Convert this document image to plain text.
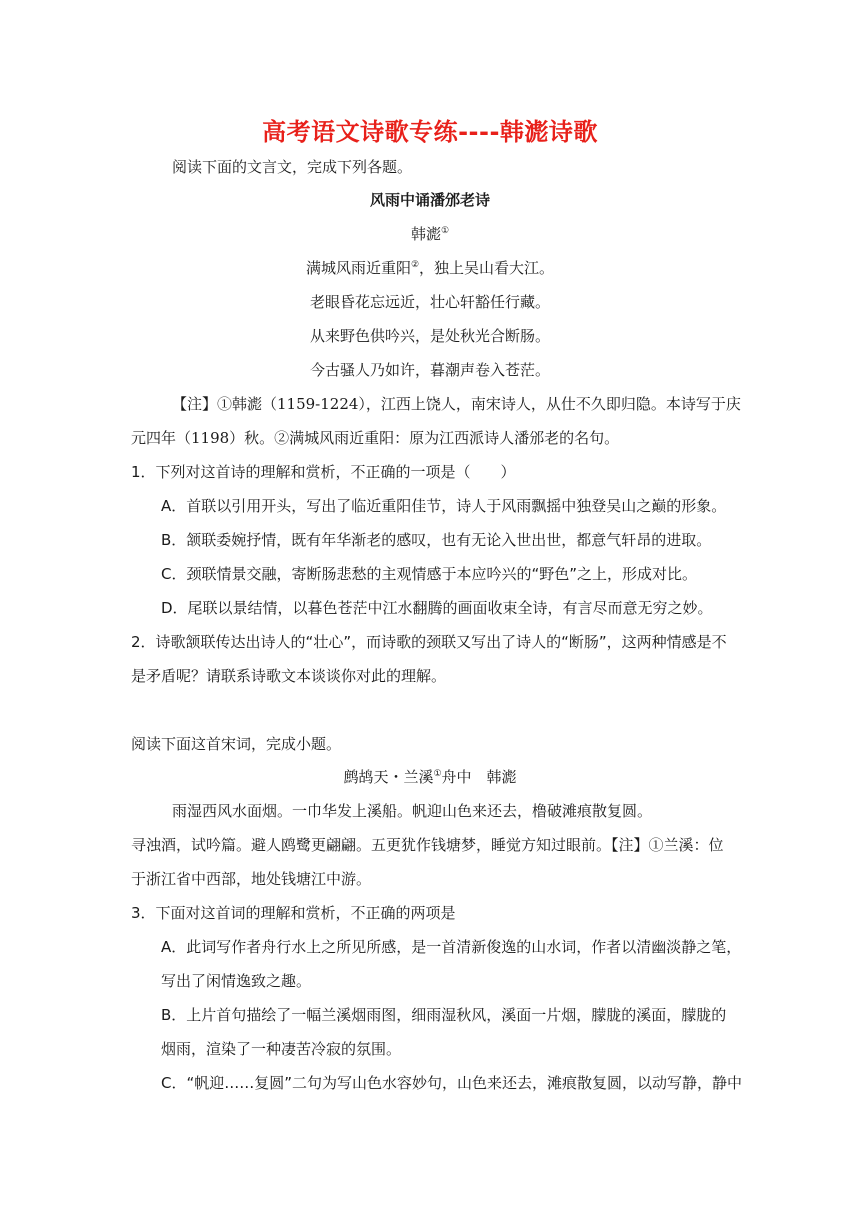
高考语文诗歌专练----韩滮诗歌
阅读下面的文言文，完成下列各题。
风雨中诵潘邠老诗
韩滮①
满城风雨近重阳②，独上吴山看大江。
老眼昏花忘远近，壮心轩豁任行藏。
从来野色供吟兴，是处秋光合断肠。
今古骚人乃如许，暮潮声卷入苍茫。
【注】①韩滮（1159-1224），江西上饶人，南宋诗人，从仕不久即归隐。本诗写于庆
元四年（1198）秋。②满城风雨近重阳：原为江西派诗人潘邠老的名句。
1．下列对这首诗的理解和赏析，不正确的一项是（　　）
A．首联以引用开头，写出了临近重阳佳节，诗人于风雨飘摇中独登吴山之巅的形象。
B．颔联委婉抒情，既有年华渐老的感叹，也有无论入世出世，都意气轩昂的进取。
C．颈联情景交融，寄断肠悲愁的主观情感于本应吟兴的“野色”之上，形成对比。
D．尾联以景结情，以暮色苍茫中江水翻腾的画面收束全诗，有言尽而意无穷之妙。
2．诗歌颔联传达出诗人的“壮心”，而诗歌的颈联又写出了诗人的“断肠”，这两种情感是不
是矛盾呢？请联系诗歌文本谈谈你对此的理解。
阅读下面这首宋词，完成小题。
鹧鸪天・兰溪①舟中　韩滮
雨湿西风水面烟。一巾华发上溪船。帆迎山色来还去，橹破滩痕散复圆。
寻浊酒，试吟篇。避人鸥鹭更翩翩。五更犹作钱塘梦，睡觉方知过眼前。【注】①兰溪：位
于浙江省中西部，地处钱塘江中游。
3．下面对这首词的理解和赏析，不正确的两项是
A．此词写作者舟行水上之所见所感，是一首清新俊逸的山水词，作者以清幽淡静之笔，
写出了闲情逸致之趣。
B．上片首句描绘了一幅兰溪烟雨图，细雨湿秋风，溪面一片烟，朦胧的溪面，朦胧的
烟雨，渲染了一种凄苦冷寂的氛围。
C．“帆迎……复圆”二句为写山色水容妙句，山色来还去，滩痕散复圆，以动写静，静中
